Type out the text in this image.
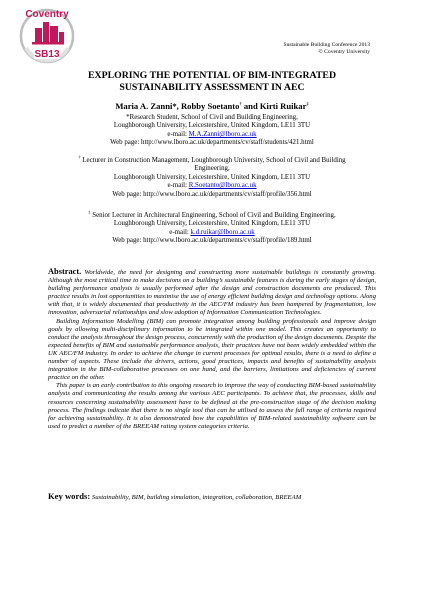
Coventry
SB13
Sustainable Building Conference 2013
© Coventry University
EXPLORING THE POTENTIAL OF BIM-INTEGRATED
SUSTAINABILITY ASSESSMENT IN AEC
Maria A. Zanni*, Robby Soetanto† and Kirti Ruikar‡
*Research Student, School of Civil and Building Engineering,
Loughborough University, Leicestershire, United Kingdom, LE11 3TU
e-mail: M.A.Zanni@lboro.ac.uk
Web page: http://www.lboro.ac.uk/departments/cv/staff/students/421.html
† Lecturer in Construction Management, Loughborough University, School of Civil and Building
Engineering,
Loughborough University, Leicestershire, United Kingdom, LE11 3TU
e-mail: R.Soetanto@lboro.ac.uk
Web page: http://www.lboro.ac.uk/departments/cv/staff/profile/356.html
‡ Senior Lecturer in Architectural Engineering, School of Civil and Building Engineering,
Loughborough University, Leicestershire, United Kingdom, LE11 3TU
e-mail: k.d.ruikar@lboro.ac.uk
Web page: http://www.lboro.ac.uk/departments/cv/staff/profile/189.html

Abstract. Worldwide, the need for designing and constructing more sustainable buildings is constantly growing. Although the most critical time to make decisions on a building’s sustainable features is during the early stages of design, building performance analysis is usually performed after the design and construction documents are produced. This practice results in lost opportunities to maximise the use of energy efficient building design and technology options. Along with that, it is widely documented that productivity in the AEC/FM industry has been hampered by fragmentation, low innovation, adversarial relationships and slow adoption of Information Communication Technologies.

Building Information Modelling (BIM) can promote integration among building professionals and improve design goals by allowing multi-disciplinary information to be integrated within one model. This creates an opportunity to conduct the analysis throughout the design process, concurrently with the production of the design documents. Despite the expected benefits of BIM and sustainable performance analysis, their practices have not been widely embedded within the UK AEC/FM industry. In order to achieve the change in current processes for optimal results, there is a need to define a number of aspects. These include the drivers, actions, good practices, impacts and benefits of sustainability analysis integration in the BIM-collaborative processes on one hand, and the barriers, limitations and deficiencies of current practice on the other.

This paper is an early contribution to this ongoing research to improve the way of conducting BIM-based sustainability analysis and communicating the results among the various AEC participants. To achieve that, the processes, skills and resources concerning sustainability assessment have to be defined at the pre-construction stage of the decision making process. The findings indicate that there is no single tool that can be utilised to assess the full range of criteria required for achieving sustainability. It is also demonstrated how the capabilities of BIM-related sustainability software can be used to predict a number of the BREEAM rating system categories criteria.

Key words: Sustainability, BIM, building simulation, integration, collaboration, BREEAM
